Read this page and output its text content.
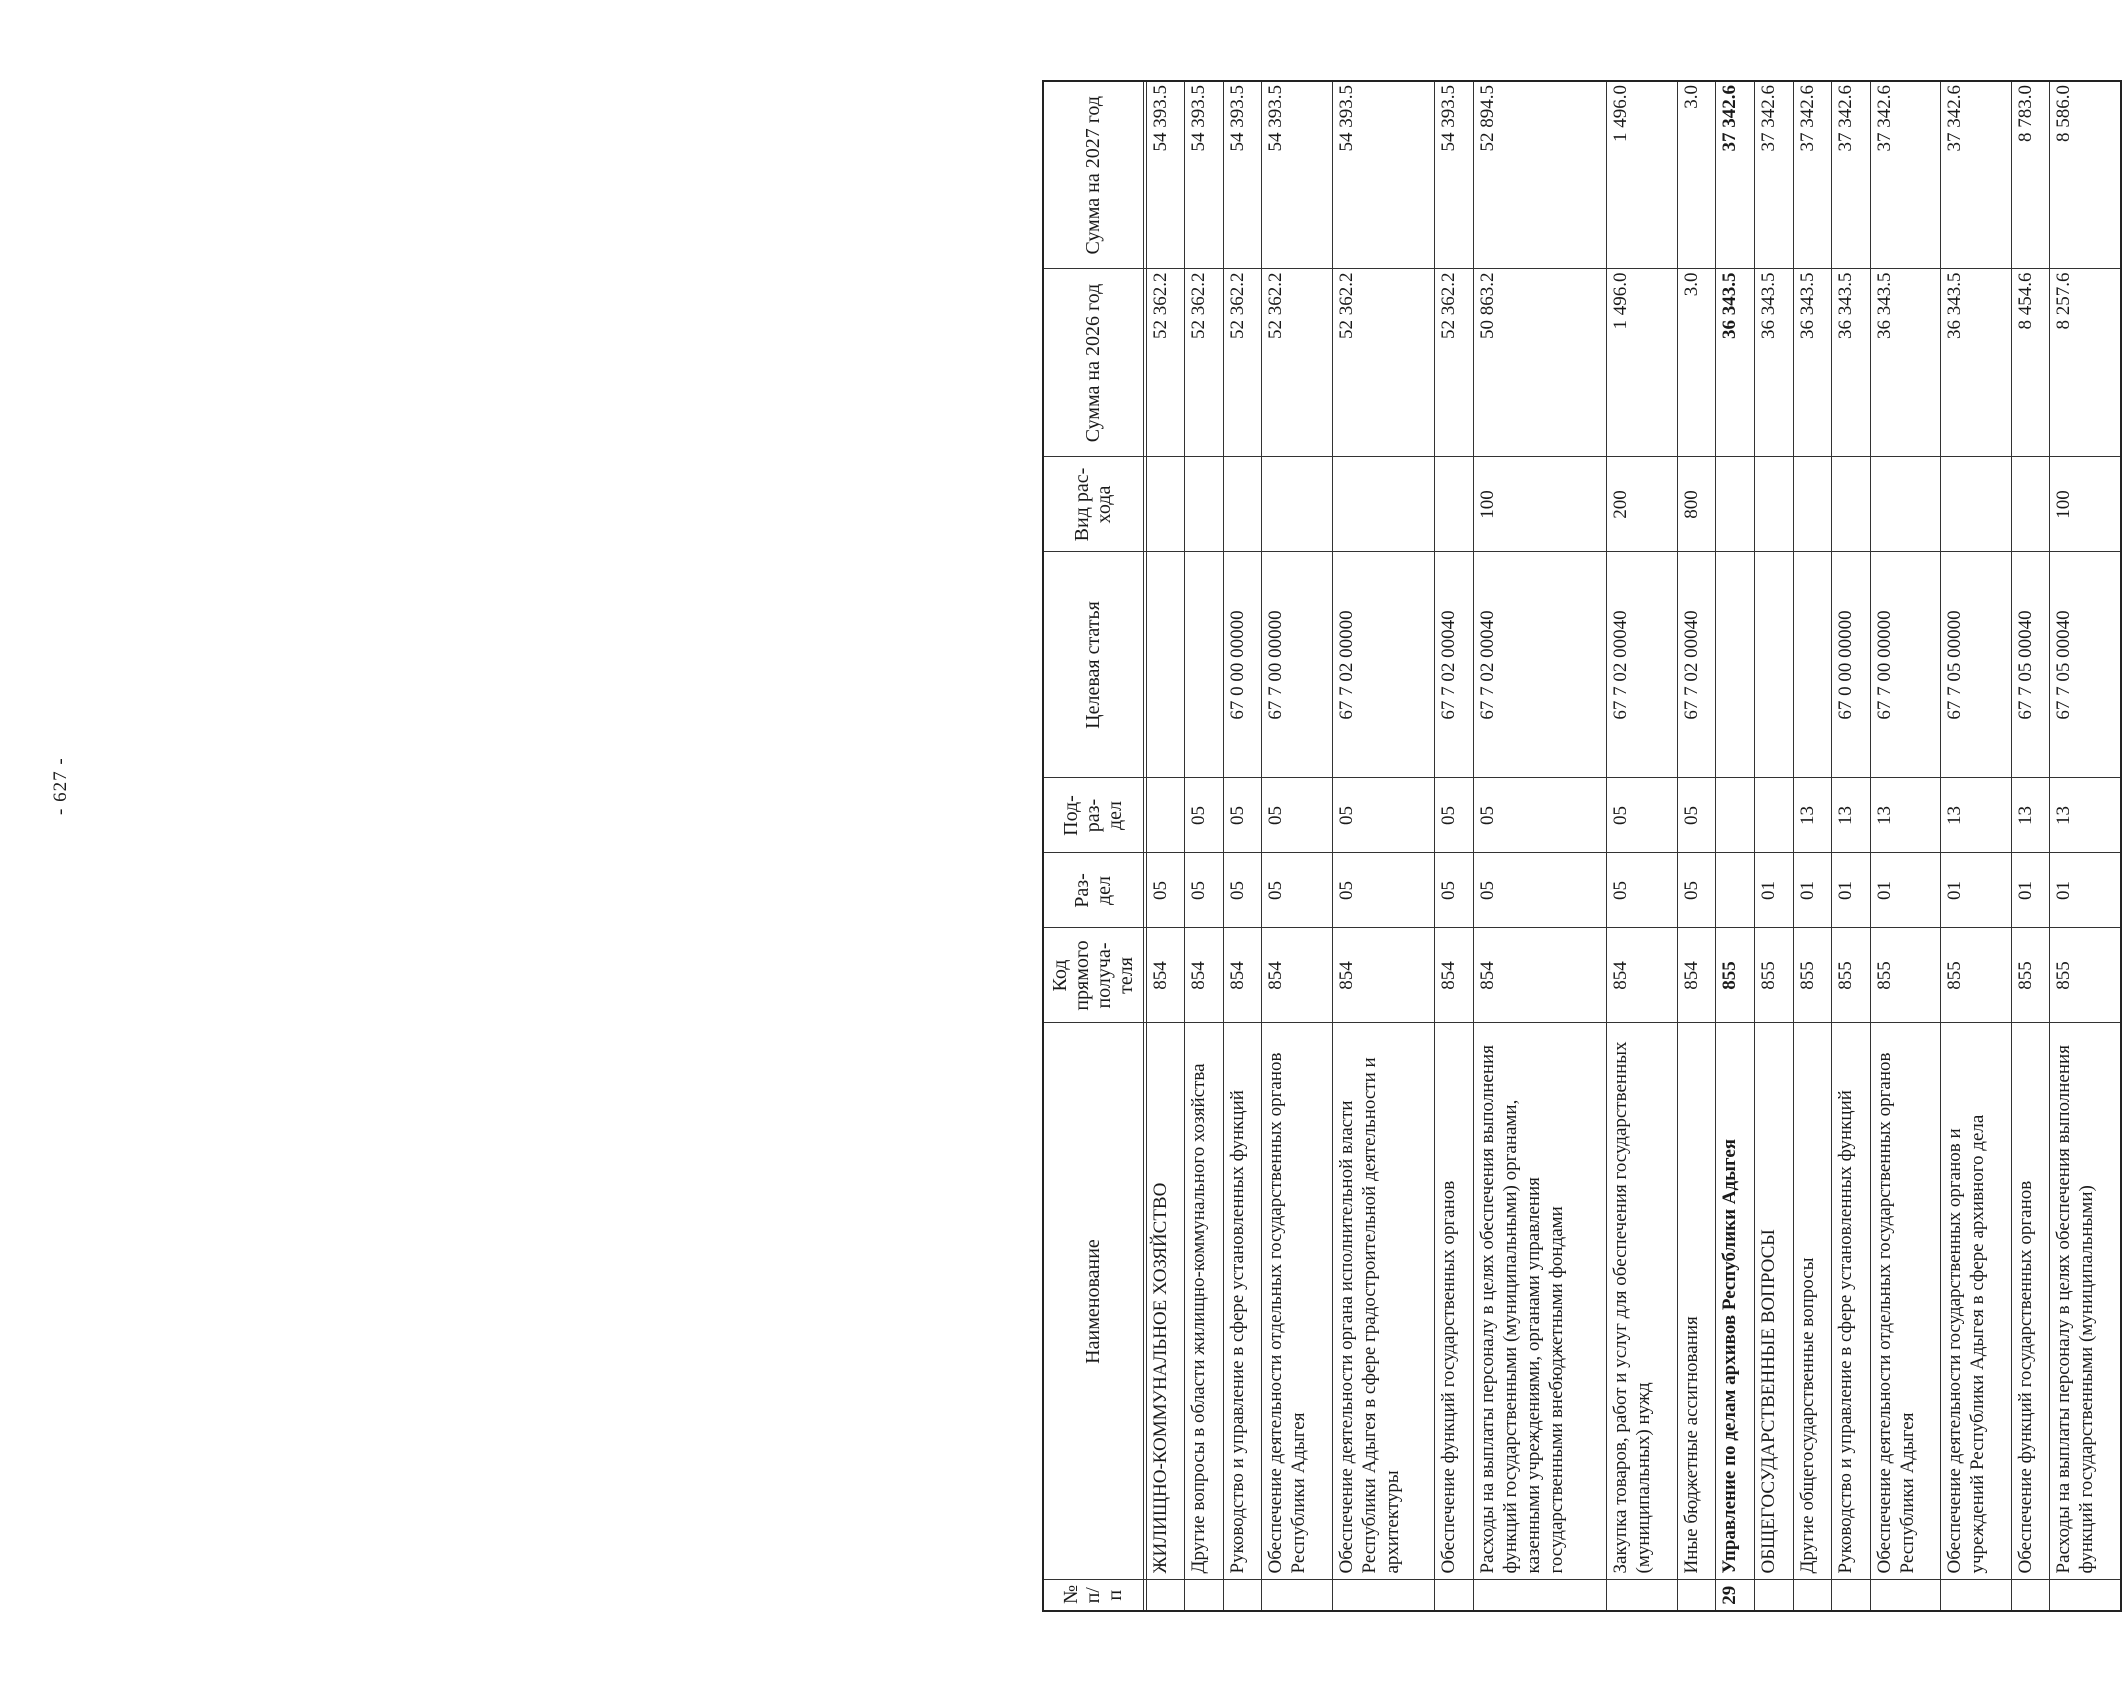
- 627 -
№ п/п	Наименование	Код прямого получа-теля	Раз-дел	Под-раз-дел	Целевая статья	Вид рас-хода	Сумма на 2026 год	Сумма на 2027 год

	ЖИЛИЩНО-КОММУНАЛЬНОЕ ХОЗЯЙСТВО	854	05				52 362.2	54 393.5
	Другие вопросы в области жилищно-коммунального хозяйства	854	05	05			52 362.2	54 393.5
	Руководство и управление в сфере установленных функций	854	05	05	67 0 00 00000		52 362.2	54 393.5
	Обеспечение деятельности отдельных государственных органов Республики Адыгея	854	05	05	67 7 00 00000		52 362.2	54 393.5
	Обеспечение деятельности органа исполнительной власти Республики Адыгея в сфере градостроительной деятельности и архитектуры	854	05	05	67 7 02 00000		52 362.2	54 393.5
	Обеспечение функций государственных органов	854	05	05	67 7 02 00040		52 362.2	54 393.5
	Расходы на выплаты персоналу в целях обеспечения выполнения функций государственными (муниципальными) органами, казенными учреждениями, органами управления государственными внебюджетными фондами	854	05	05	67 7 02 00040	100	50 863.2	52 894.5
	Закупка товаров, работ и услуг для обеспечения государственных (муниципальных) нужд	854	05	05	67 7 02 00040	200	1 496.0	1 496.0
	Иные бюджетные ассигнования	854	05	05	67 7 02 00040	800	3.0	3.0
29	Управление по делам архивов Республики Адыгея	855					36 343.5	37 342.6
	ОБЩЕГОСУДАРСТВЕННЫЕ ВОПРОСЫ	855	01				36 343.5	37 342.6
	Другие общегосударственные вопросы	855	01	13			36 343.5	37 342.6
	Руководство и управление в сфере установленных функций	855	01	13	67 0 00 00000		36 343.5	37 342.6
	Обеспечение деятельности отдельных государственных органов Республики Адыгея	855	01	13	67 7 00 00000		36 343.5	37 342.6
	Обеспечение деятельности государственных органов и учреждений Республики Адыгея в сфере архивного дела	855	01	13	67 7 05 00000		36 343.5	37 342.6
	Обеспечение функций государственных органов	855	01	13	67 7 05 00040		8 454.6	8 783.0
	Расходы на выплаты персоналу в целях обеспечения выполнения функций государственными (муниципальными)	855	01	13	67 7 05 00040	100	8 257.6	8 586.0
